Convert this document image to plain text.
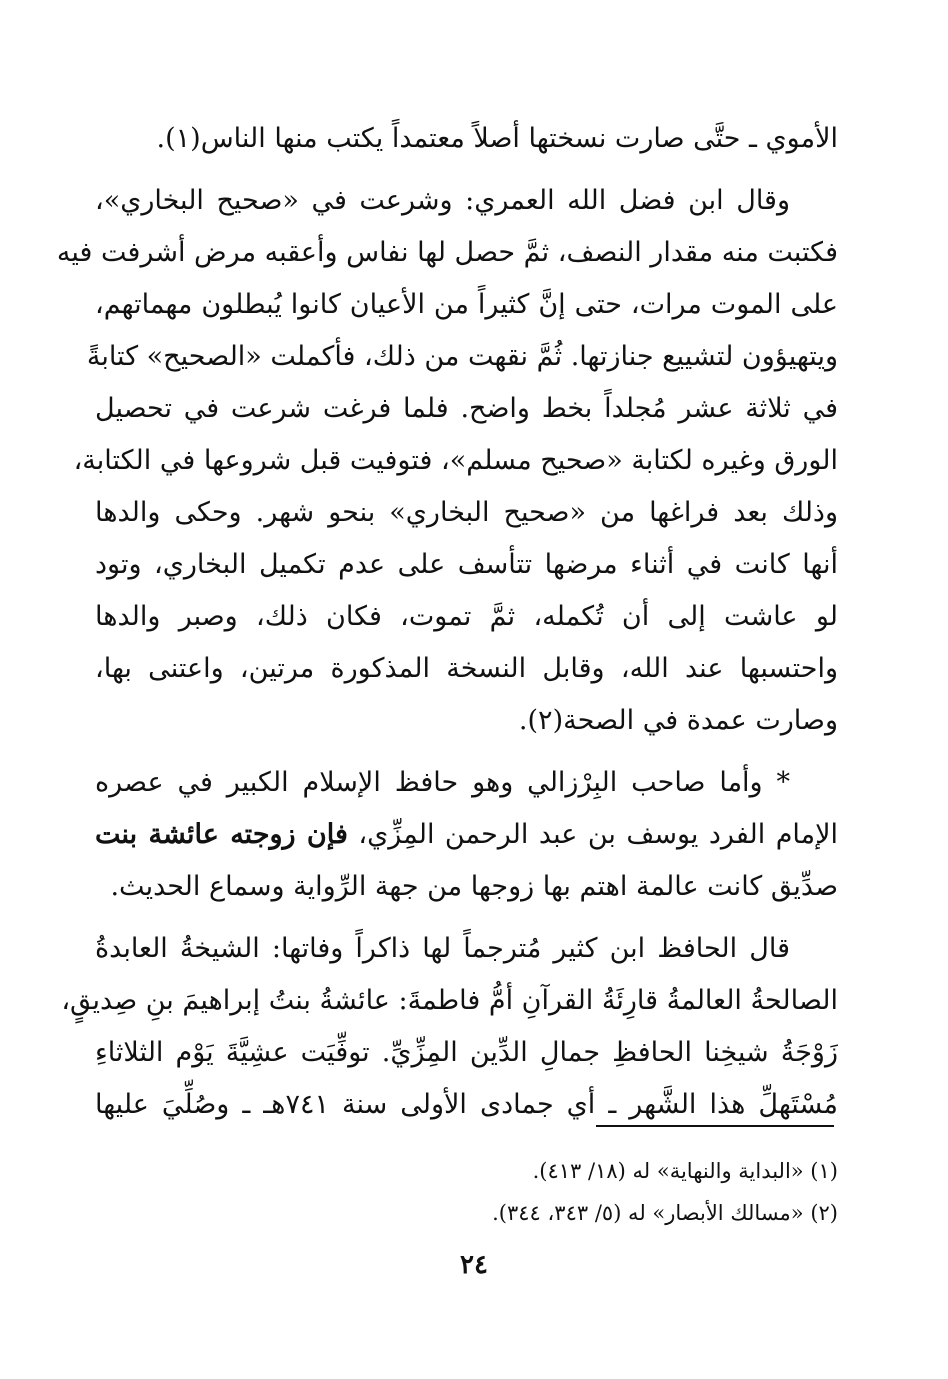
الأموي ـ حتَّى صارت نسختها أصلاً معتمداً يكتب منها الناس(١).
وقال ابن فضل الله العمري: وشرعت في «صحيح البخاري»،
فكتبت منه مقدار النصف، ثمَّ حصل لها نفاس وأعقبه مرض أشرفت فيه
على الموت مرات، حتى إنَّ كثيراً من الأعيان كانوا يُبطلون مهماتهم،
ويتهيؤون لتشييع جنازتها. ثُمَّ نقهت من ذلك، فأكملت «الصحيح» كتابةً
في ثلاثة عشر مُجلداً بخط واضح. فلما فرغت شرعت في تحصيل
الورق وغيره لكتابة «صحيح مسلم»، فتوفيت قبل شروعها في الكتابة،
وذلك بعد فراغها من «صحيح البخاري» بنحو شهر. وحكى والدها
أنها كانت في أثناء مرضها تتأسف على عدم تكميل البخاري، وتود
لو عاشت إلى أن تُكمله، ثمَّ تموت، فكان ذلك، وصبر والدها
واحتسبها عند الله، وقابل النسخة المذكورة مرتين، واعتنى بها،
وصارت عمدة في الصحة(٢).
* وأما صاحب البِرْزالي وهو حافظ الإسلام الكبير في عصره
الإمام الفرد يوسف بن عبد الرحمن المِزِّي، فإن زوجته عائشة بنت
صدِّيق كانت عالمة اهتم بها زوجها من جهة الرِّواية وسماع الحديث.
قال الحافظ ابن كثير مُترجماً لها ذاكراً وفاتها: الشيخةُ العابدةُ
الصالحةُ العالمةُ قارِئَةُ القرآنِ أمُّ فاطمةَ: عائشةُ بنتُ إبراهيمَ بنِ صِديقٍ،
زَوْجَةُ شيخِنا الحافظِ جمالِ الدِّين المِزِّيِّ. توفِّيَت عشِيَّةَ يَوْم الثلاثاءِ
مُسْتَهلِّ هذا الشَّهر ـ أي جمادى الأولى سنة ٧٤١هـ ـ وصُلِّيَ عليها
(١) «البداية والنهاية» له (١٨/ ٤١٣).
(٢) «مسالك الأبصار» له (٥/ ٣٤٣، ٣٤٤).
٢٤
